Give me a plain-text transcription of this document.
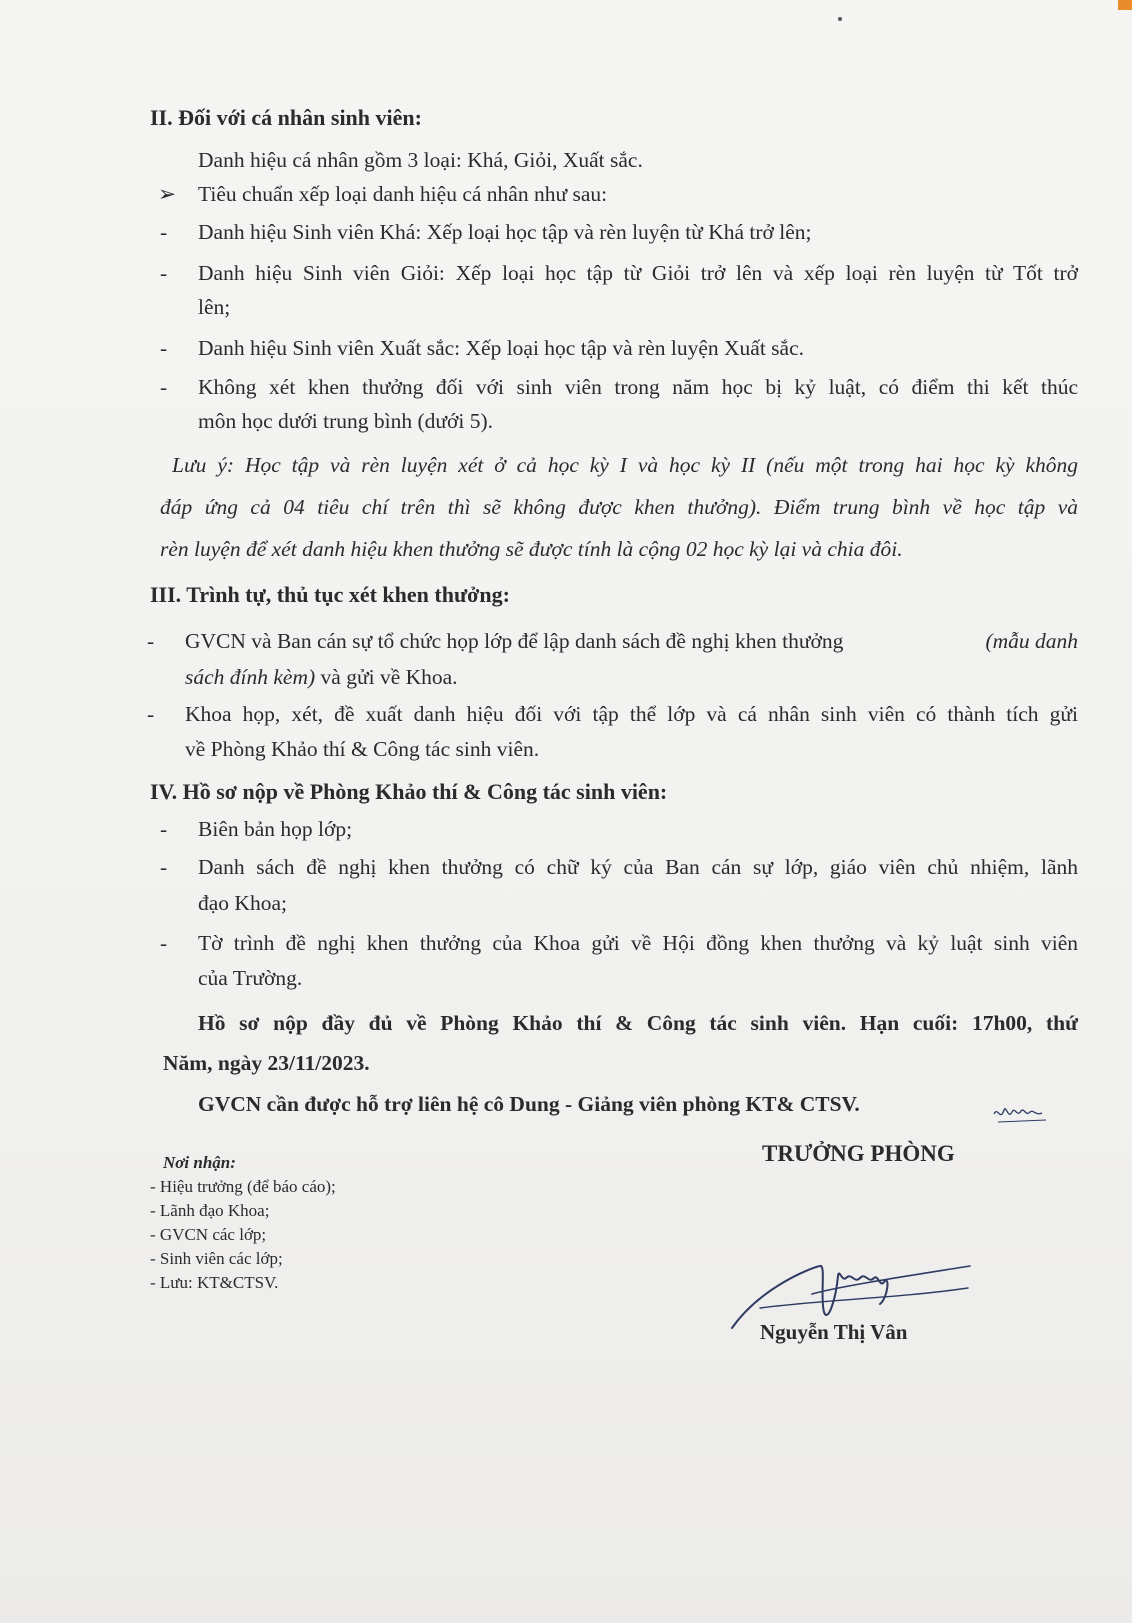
II. Đối với cá nhân sinh viên:
Danh hiệu cá nhân gồm 3 loại: Khá, Giỏi, Xuất sắc.
➢ Tiêu chuẩn xếp loại danh hiệu cá nhân như sau:
- Danh hiệu Sinh viên Khá: Xếp loại học tập và rèn luyện từ Khá trở lên;
- Danh hiệu Sinh viên Giỏi: Xếp loại học tập từ Giỏi trở lên và xếp loại rèn luyện từ Tốt trở
lên;
- Danh hiệu Sinh viên Xuất sắc: Xếp loại học tập và rèn luyện Xuất sắc.
- Không xét khen thưởng đối với sinh viên trong năm học bị kỷ luật, có điểm thi kết thúc
môn học dưới trung bình (dưới 5).
Lưu ý: Học tập và rèn luyện xét ở cả học kỳ I và học kỳ II (nếu một trong hai học kỳ không
đáp ứng cả 04 tiêu chí trên thì sẽ không được khen thưởng). Điểm trung bình về học tập và
rèn luyện để xét danh hiệu khen thưởng sẽ được tính là cộng 02 học kỳ lại và chia đôi.
III. Trình tự, thủ tục xét khen thưởng:
- GVCN và Ban cán sự tổ chức họp lớp để lập danh sách đề nghị khen thưởng	(mẫu danh
sách đính kèm) và gửi về Khoa.
- Khoa họp, xét, đề xuất danh hiệu đối với tập thể lớp và cá nhân sinh viên có thành tích gửi
về Phòng Khảo thí & Công tác sinh viên.
IV. Hồ sơ nộp về Phòng Khảo thí & Công tác sinh viên:
- Biên bản họp lớp;
- Danh sách đề nghị khen thưởng có chữ ký của Ban cán sự lớp, giáo viên chủ nhiệm, lãnh
đạo Khoa;
- Tờ trình đề nghị khen thưởng của Khoa gửi về Hội đồng khen thưởng và kỷ luật sinh viên
của Trường.
Hồ sơ nộp đầy đủ về Phòng Khảo thí & Công tác sinh viên. Hạn cuối: 17h00, thứ
Năm, ngày 23/11/2023.
GVCN cần được hỗ trợ liên hệ cô Dung - Giảng viên phòng KT& CTSV.
Nơi nhận:
- Hiệu trưởng (để báo cáo);
- Lãnh đạo Khoa;
- GVCN các lớp;
- Sinh viên các lớp;
- Lưu: KT&CTSV.
TRƯỞNG PHÒNG
Nguyễn Thị Vân
